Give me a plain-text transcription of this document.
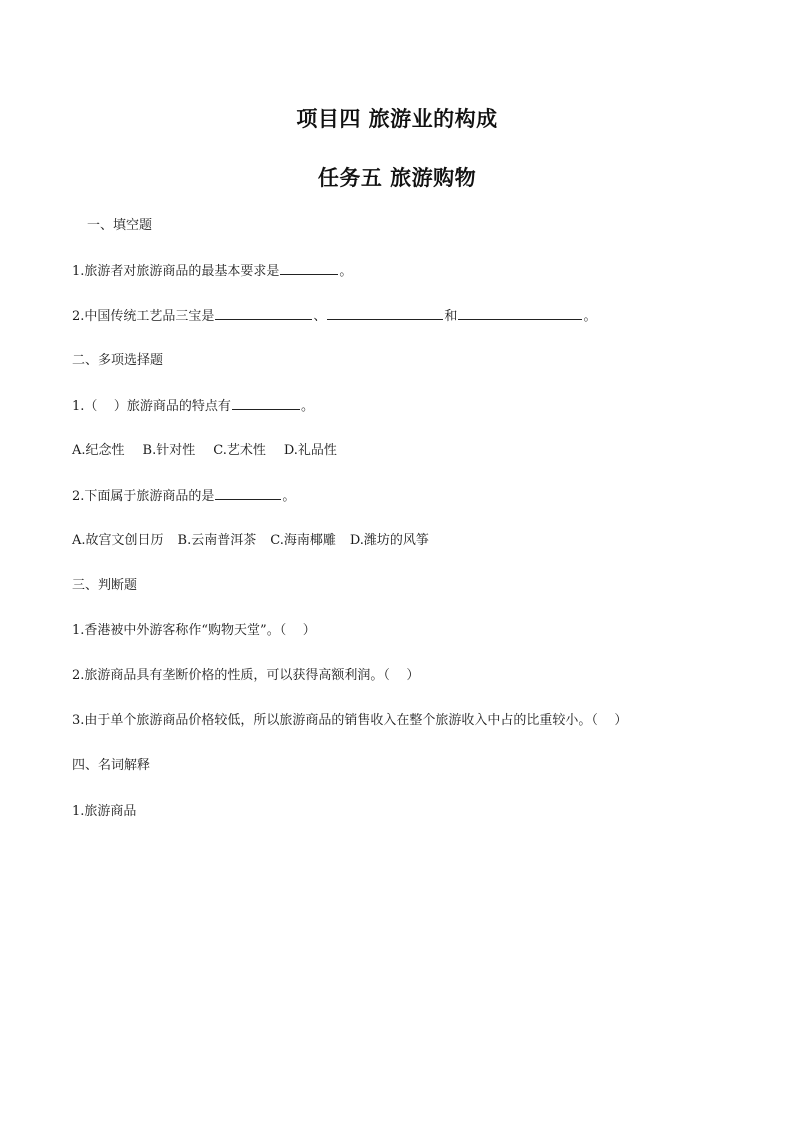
项目四 旅游业的构成
任务五 旅游购物
一、填空题
1.旅游者对旅游商品的最基本要求是	。
2.中国传统工艺品三宝是	、	和	。
二、多项选择题
1.（    ）旅游商品的特点有	。
A.纪念性 B.针对性 C.艺术性 D.礼品性
2.下面属于旅游商品的是	。
A.故宫文创日历 B.云南普洱茶 C.海南椰雕 D.潍坊的风筝
三、判断题
1.香港被中外游客称作“购物天堂”。（    ）
2.旅游商品具有垄断价格的性质，可以获得高额利润。（    ）
3.由于单个旅游商品价格较低，所以旅游商品的销售收入在整个旅游收入中占的比重较小。（    ）
四、名词解释
1.旅游商品
